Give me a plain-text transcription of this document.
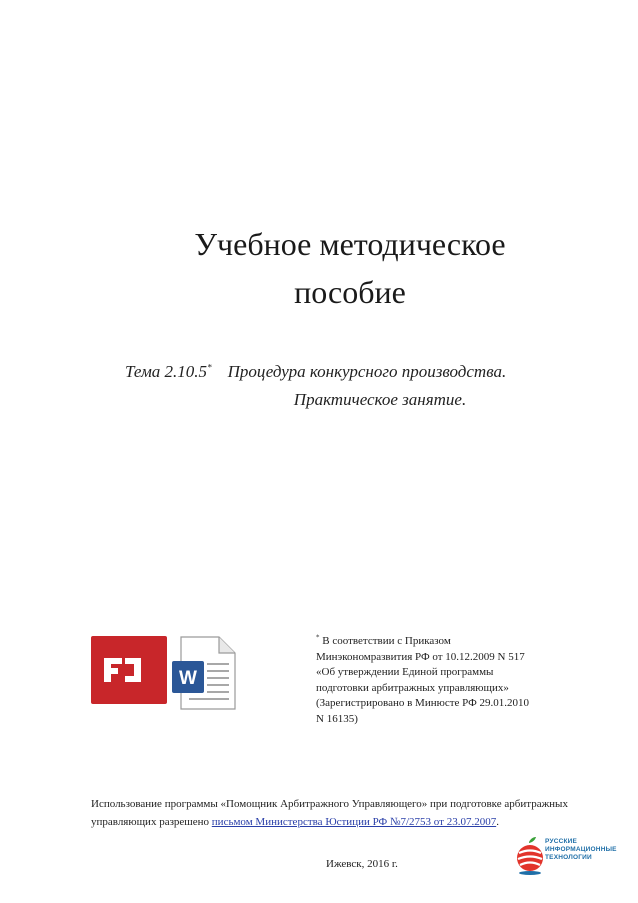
Учебное методическое
пособие
Тема 2.10.5* Процедура конкурсного производства.
Практическое занятие.
W
* В соответствии с Приказом
Минэкономразвития РФ от 10.12.2009 N 517
«Об утверждении Единой программы
подготовки арбитражных управляющих»
(Зарегистрировано в Минюсте РФ 29.01.2010
N 16135)
Использование программы «Помощник Арбитражного Управляющего» при подготовке арбитражных управляющих разрешено письмом Министерства Юстиции РФ №7/2753 от 23.07.2007.
Ижевск, 2016 г.
РУССКИЕ
ИНФОРМАЦИОННЫЕ
ТЕХНОЛОГИИ
